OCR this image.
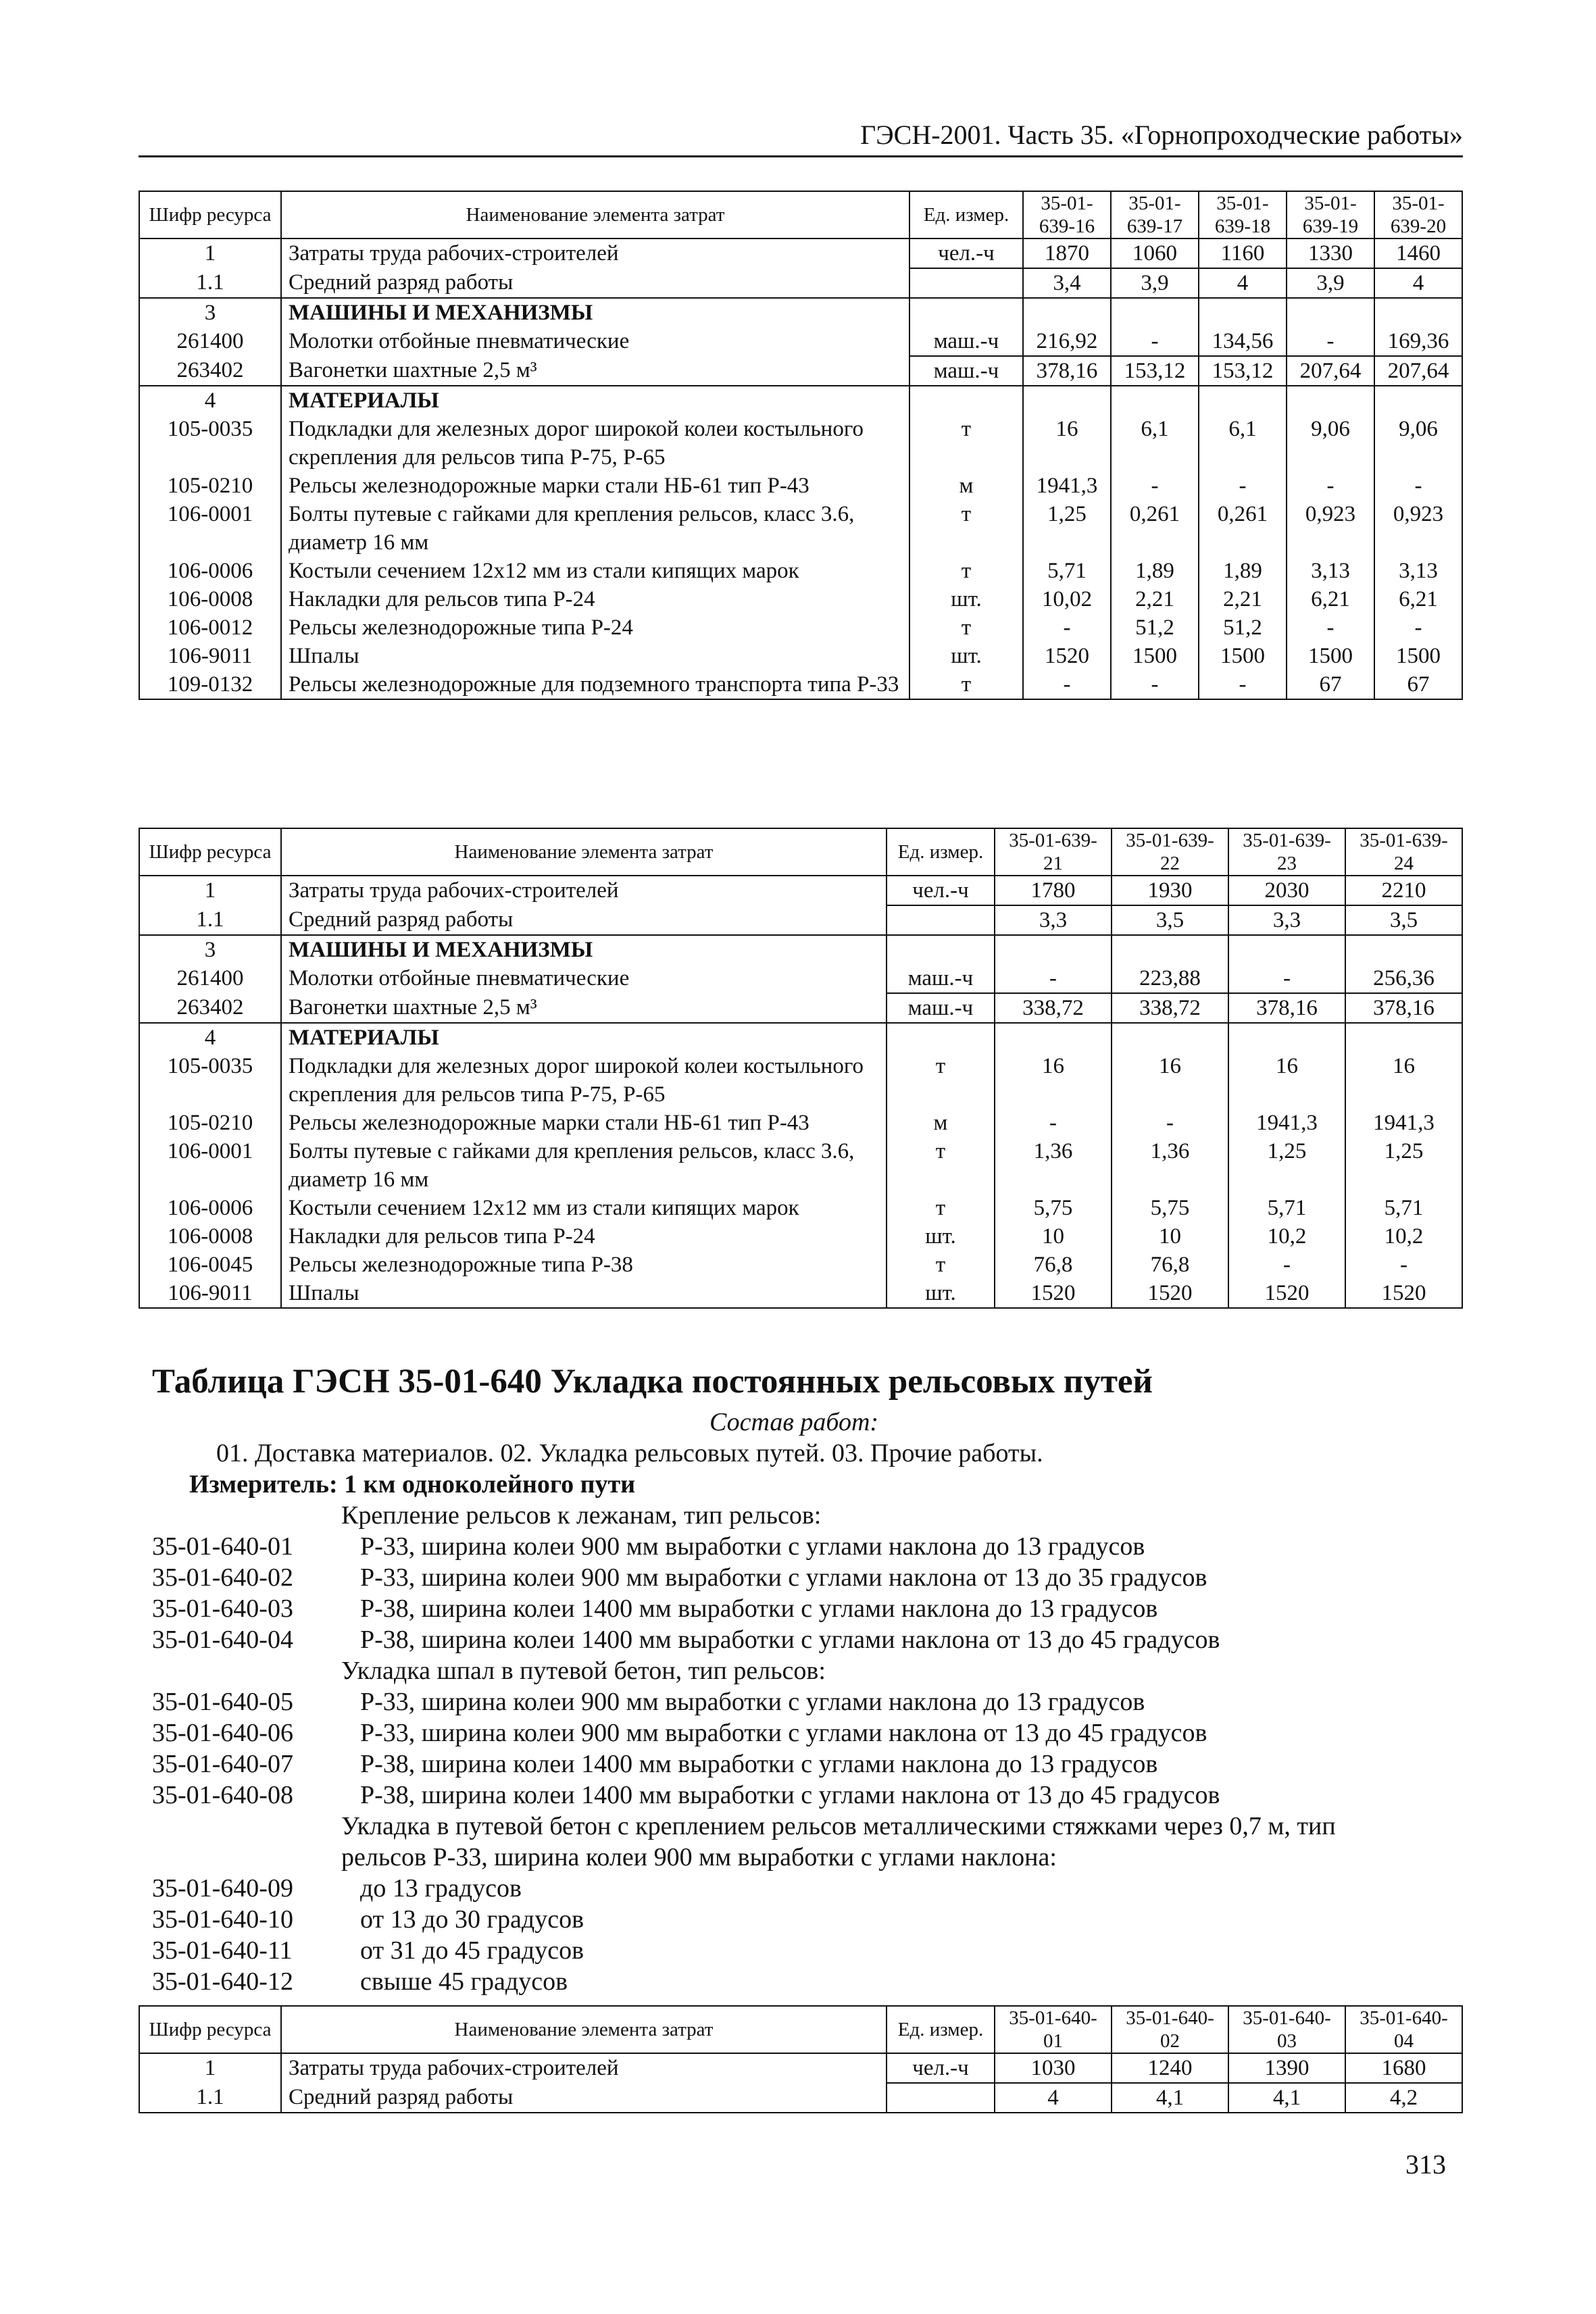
ГЭСН-2001. Часть 35. «Горнопроходческие работы»
Шифр ресурса	Наименование элемента затрат	Ед. измер.	35-01-639-16	35-01-639-17	35-01-639-18	35-01-639-19	35-01-639-20
1	Затраты труда рабочих-строителей	чел.-ч	1870	1060	1160	1330	1460
1.1	Средний разряд работы		3,4	3,9	4	3,9	4
3	МАШИНЫ И МЕХАНИЗМЫ						
261400	Молотки отбойные пневматические	маш.-ч	216,92	-	134,56	-	169,36
263402	Вагонетки шахтные 2,5 м³	маш.-ч	378,16	153,12	153,12	207,64	207,64
4	МАТЕРИАЛЫ						
105-0035	Подкладки для железных дорог широкой колеи костыльного скрепления для рельсов типа Р-75, Р-65	т	16	6,1	6,1	9,06	9,06
105-0210	Рельсы железнодорожные марки стали НБ-61 тип Р-43	м	1941,3	-	-	-	-
106-0001	Болты путевые с гайками для крепления рельсов, класс 3.6, диаметр 16 мм	т	1,25	0,261	0,261	0,923	0,923
106-0006	Костыли сечением 12x12 мм из стали кипящих марок	т	5,71	1,89	1,89	3,13	3,13
106-0008	Накладки для рельсов типа Р-24	шт.	10,02	2,21	2,21	6,21	6,21
106-0012	Рельсы железнодорожные типа Р-24	т	-	51,2	51,2	-	-
106-9011	Шпалы	шт.	1520	1500	1500	1500	1500
109-0132	Рельсы железнодорожные для подземного транспорта типа Р-33	т	-	-	-	67	67
Шифр ресурса	Наименование элемента затрат	Ед. измер.	35-01-639-21	35-01-639-22	35-01-639-23	35-01-639-24
1	Затраты труда рабочих-строителей	чел.-ч	1780	1930	2030	2210
1.1	Средний разряд работы		3,3	3,5	3,3	3,5
3	МАШИНЫ И МЕХАНИЗМЫ					
261400	Молотки отбойные пневматические	маш.-ч	-	223,88	-	256,36
263402	Вагонетки шахтные 2,5 м³	маш.-ч	338,72	338,72	378,16	378,16
4	МАТЕРИАЛЫ					
105-0035	Подкладки для железных дорог широкой колеи костыльного скрепления для рельсов типа Р-75, Р-65	т	16	16	16	16
105-0210	Рельсы железнодорожные марки стали НБ-61 тип Р-43	м	-	-	1941,3	1941,3
106-0001	Болты путевые с гайками для крепления рельсов, класс 3.6, диаметр 16 мм	т	1,36	1,36	1,25	1,25
106-0006	Костыли сечением 12x12 мм из стали кипящих марок	т	5,75	5,75	5,71	5,71
106-0008	Накладки для рельсов типа Р-24	шт.	10	10	10,2	10,2
106-0045	Рельсы железнодорожные типа Р-38	т	76,8	76,8	-	-
106-9011	Шпалы	шт.	1520	1520	1520	1520
Таблица ГЭСН 35-01-640 Укладка постоянных рельсовых путей
Состав работ:
01. Доставка материалов. 02. Укладка рельсовых путей. 03. Прочие работы.
Измеритель: 1 км одноколейного пути
Крепление рельсов к лежанам, тип рельсов:
Укладка шпал в путевой бетон, тип рельсов:
Укладка в путевой бетон с креплением рельсов металлическими стяжками через 0,7 м, тип
рельсов Р-33, ширина колеи 900 мм выработки с углами наклона:
Шифр ресурса	Наименование элемента затрат	Ед. измер.	35-01-640-01	35-01-640-02	35-01-640-03	35-01-640-04
1	Затраты труда рабочих-строителей	чел.-ч	1030	1240	1390	1680
1.1	Средний разряд работы		4	4,1	4,1	4,2
313
35-01-640-01	Р-33, ширина колеи 900 мм выработки с углами наклона до 13 градусов
35-01-640-02	Р-33, ширина колеи 900 мм выработки с углами наклона от 13 до 35 градусов
35-01-640-03	Р-38, ширина колеи 1400 мм выработки с углами наклона до 13 градусов
35-01-640-04	Р-38, ширина колеи 1400 мм выработки с углами наклона от 13 до 45 градусов
35-01-640-05	Р-33, ширина колеи 900 мм выработки с углами наклона до 13 градусов
35-01-640-06	Р-33, ширина колеи 900 мм выработки с углами наклона от 13 до 45 градусов
35-01-640-07	Р-38, ширина колеи 1400 мм выработки с углами наклона до 13 градусов
35-01-640-08	Р-38, ширина колеи 1400 мм выработки с углами наклона от 13 до 45 градусов
35-01-640-09	до 13 градусов
35-01-640-10	от 13 до 30 градусов
35-01-640-11	от 31 до 45 градусов
35-01-640-12	свыше 45 градусов
